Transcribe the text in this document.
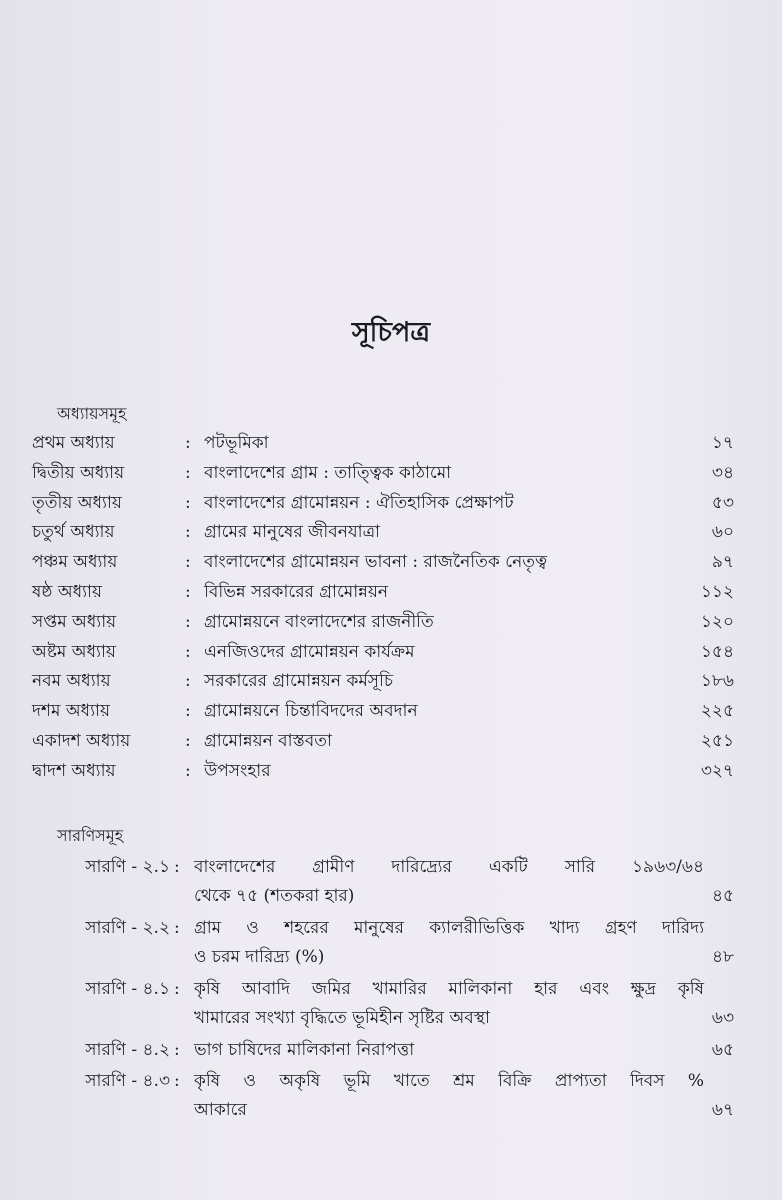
সূচিপত্র
অধ্যায়সমূহ
প্রথম অধ্যায়	: পটভূমিকা	১৭
দ্বিতীয় অধ্যায়	: বাংলাদেশের গ্রাম : তাত্ত্বিক কাঠামো	৩৪
তৃতীয় অধ্যায়	: বাংলাদেশের গ্রামোন্নয়ন : ঐতিহাসিক প্রেক্ষাপট	৫৩
চতুর্থ অধ্যায়	: গ্রামের মানুষের জীবনযাত্রা	৬০
পঞ্চম অধ্যায়	: বাংলাদেশের গ্রামোন্নয়ন ভাবনা : রাজনৈতিক নেতৃত্ব	৯৭
ষষ্ঠ অধ্যায়	: বিভিন্ন সরকারের গ্রামোন্নয়ন	১১২
সপ্তম অধ্যায়	: গ্রামোন্নয়নে বাংলাদেশের রাজনীতি	১২০
অষ্টম অধ্যায়	: এনজিওদের গ্রামোন্নয়ন কার্যক্রম	১৫৪
নবম অধ্যায়	: সরকারের গ্রামোন্নয়ন কর্মসূচি	১৮৬
দশম অধ্যায়	: গ্রামোন্নয়নে চিন্তাবিদদের অবদান	২২৫
একাদশ অধ্যায়	: গ্রামোন্নয়ন বাস্তবতা	২৫১
দ্বাদশ অধ্যায়	: উপসংহার	৩২৭
সারণিসমূহ
সারণি - ২.১ : বাংলাদেশের গ্রামীণ দারিদ্র্যের একটি সারি ১৯৬৩/৬৪
থেকে ৭৫ (শতকরা হার)	৪৫
সারণি - ২.২ : গ্রাম ও শহরের মানুষের ক্যালরীভিত্তিক খাদ্য গ্রহণ দারিদ্য
ও চরম দারিদ্র্য (%)	৪৮
সারণি - ৪.১ : কৃষি আবাদি জমির খামারির মালিকানা হার এবং ক্ষুদ্র কৃষি
খামারের সংখ্যা বৃদ্ধিতে ভূমিহীন সৃষ্টির অবস্থা	৬৩
সারণি - ৪.২ : ভাগ চাষিদের মালিকানা নিরাপত্তা	৬৫
সারণি - ৪.৩ : কৃষি ও অকৃষি ভূমি খাতে শ্রম বিক্রি প্রাপ্যতা দিবস %
আকারে	৬৭
